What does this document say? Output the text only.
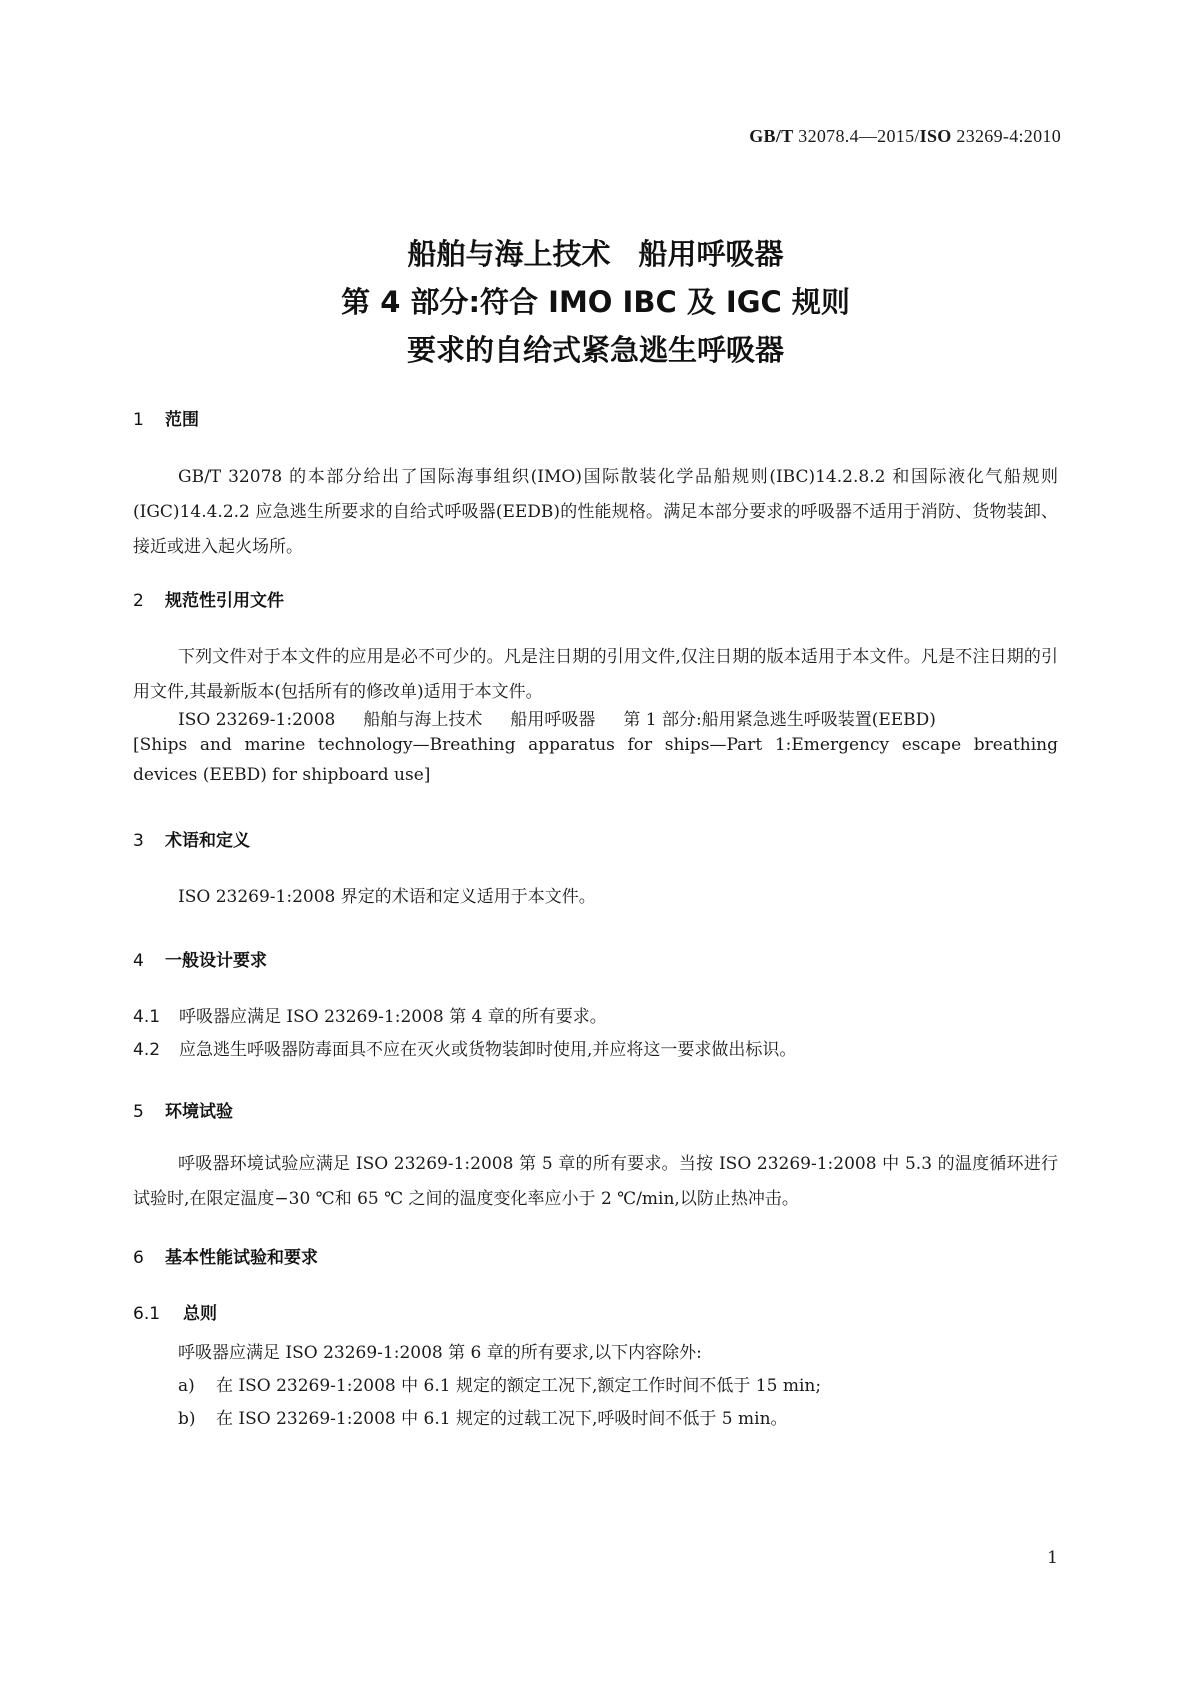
GB/T 32078.4—2015/ISO 23269-4:2010
船舶与海上技术 船用呼吸器
第 4 部分:符合 IMO IBC 及 IGC 规则
要求的自给式紧急逃生呼吸器
1 范围
GB/T 32078 的本部分给出了国际海事组织(IMO)国际散装化学品船规则(IBC)14.2.8.2 和国际液化气船规则(IGC)14.4.2.2 应急逃生所要求的自给式呼吸器(EEDB)的性能规格。满足本部分要求的呼吸器不适用于消防、货物装卸、接近或进入起火场所。
2 规范性引用文件
下列文件对于本文件的应用是必不可少的。凡是注日期的引用文件,仅注日期的版本适用于本文件。凡是不注日期的引用文件,其最新版本(包括所有的修改单)适用于本文件。
ISO 23269-1:2008 船舶与海上技术 船用呼吸器 第 1 部分:船用紧急逃生呼吸装置(EEBD)
[Ships and marine technology—Breathing apparatus for ships—Part 1:Emergency escape breathing
devices (EEBD) for shipboard use]
3 术语和定义
ISO 23269-1:2008 界定的术语和定义适用于本文件。
4 一般设计要求
4.1 呼吸器应满足 ISO 23269-1:2008 第 4 章的所有要求。
4.2 应急逃生呼吸器防毒面具不应在灭火或货物装卸时使用,并应将这一要求做出标识。
5 环境试验
呼吸器环境试验应满足 ISO 23269-1:2008 第 5 章的所有要求。当按 ISO 23269-1:2008 中 5.3 的温度循环进行试验时,在限定温度−30 ℃和 65 ℃ 之间的温度变化率应小于 2 ℃/min,以防止热冲击。
6 基本性能试验和要求
6.1 总则
呼吸器应满足 ISO 23269-1:2008 第 6 章的所有要求,以下内容除外:
a) 在 ISO 23269-1:2008 中 6.1 规定的额定工况下,额定工作时间不低于 15 min;
b) 在 ISO 23269-1:2008 中 6.1 规定的过载工况下,呼吸时间不低于 5 min。
1
